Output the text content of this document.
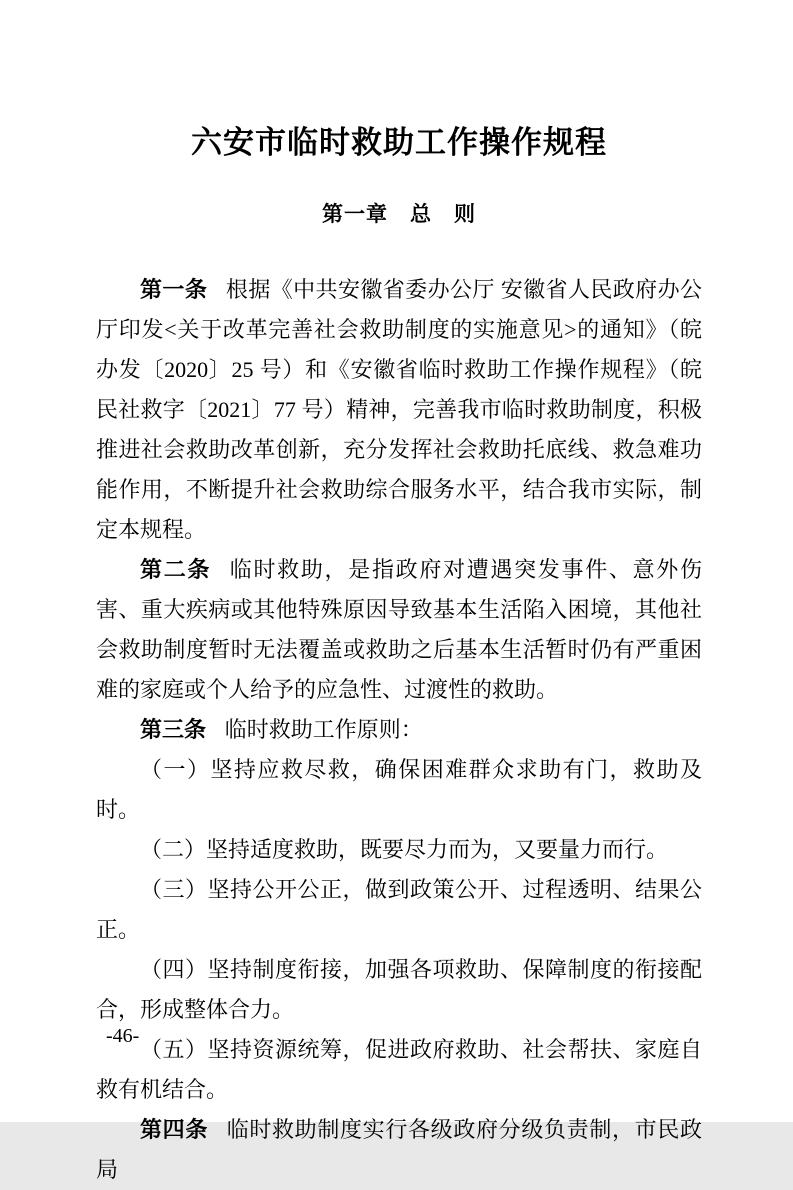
六安市临时救助工作操作规程
第一章　总　则

第一条 根据《中共安徽省委办公厅 安徽省人民政府办公厅印发<关于改革完善社会救助制度的实施意见>的通知》（皖办发〔2020〕25 号）和《安徽省临时救助工作操作规程》（皖民社救字〔2021〕77 号）精神，完善我市临时救助制度，积极推进社会救助改革创新，充分发挥社会救助托底线、救急难功能作用，不断提升社会救助综合服务水平，结合我市实际，制定本规程。

第二条 临时救助，是指政府对遭遇突发事件、意外伤害、重大疾病或其他特殊原因导致基本生活陷入困境，其他社会救助制度暂时无法覆盖或救助之后基本生活暂时仍有严重困难的家庭或个人给予的应急性、过渡性的救助。

第三条 临时救助工作原则：

（一）坚持应救尽救，确保困难群众求助有门，救助及时。

（二）坚持适度救助，既要尽力而为，又要量力而行。

（三）坚持公开公正，做到政策公开、过程透明、结果公正。

（四）坚持制度衔接，加强各项救助、保障制度的衔接配合，形成整体合力。

（五）坚持资源统筹，促进政府救助、社会帮扶、家庭自救有机结合。

第四条 临时救助制度实行各级政府分级负责制，市民政局

-46-
